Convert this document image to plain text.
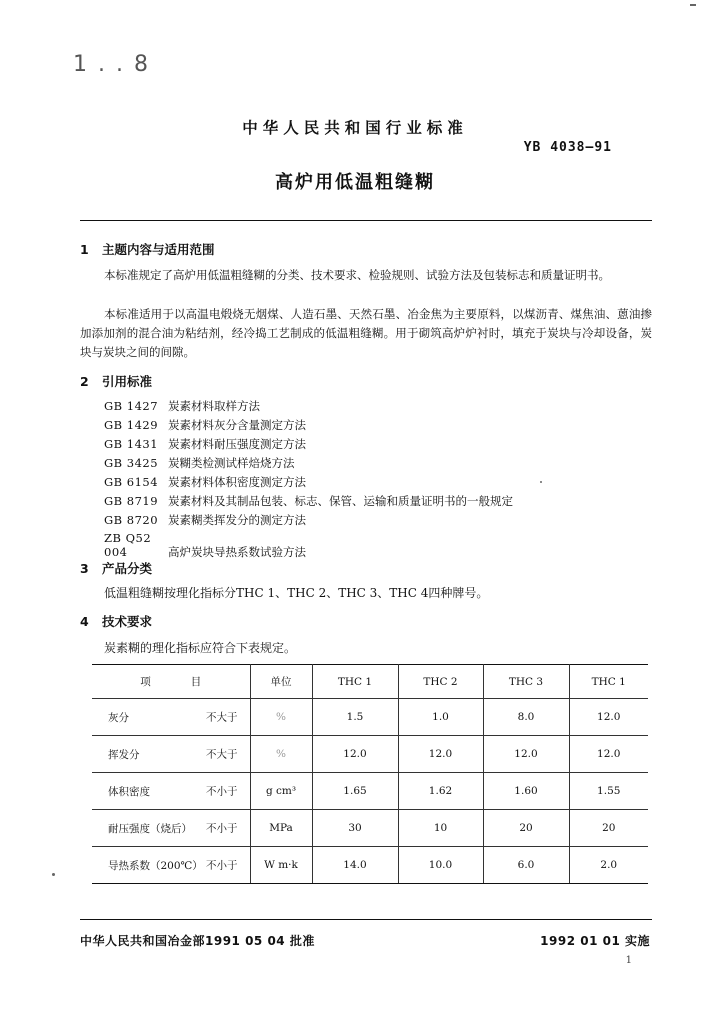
1 . . 8
中华人民共和国行业标准
YB 4038—91
高炉用低温粗缝糊
1 主题内容与适用范围
本标准规定了高炉用低温粗缝糊的分类、技术要求、检验规则、试验方法及包装标志和质量证明书。
本标准适用于以高温电煅烧无烟煤、人造石墨、天然石墨、冶金焦为主要原料，以煤沥青、煤焦油、蒽油掺加添加剂的混合油为粘结剂，经冷捣工艺制成的低温粗缝糊。用于砌筑高炉炉衬时，填充于炭块与冷却设备，炭块与炭块之间的间隙。
2 引用标准
GB 1427 炭素材料取样方法
GB 1429 炭素材料灰分含量测定方法
GB 1431 炭素材料耐压强度测定方法
GB 3425 炭糊类检测试样焙烧方法
GB 6154 炭素材料体积密度测定方法
GB 8719 炭素材料及其制品包装、标志、保管、运输和质量证明书的一般规定
GB 8720 炭素糊类挥发分的测定方法
ZB Q52 004	高炉炭块导热系数试验方法
3 产品分类
低温粗缝糊按理化指标分THC 1、THC 2、THC 3、THC 4四种牌号。
4 技术要求
炭素糊的理化指标应符合下表规定。
项 目	单位	THC 1	THC 2	THC 3	THC 1
灰分 不大于	%	1.5	1.0	8.0	12.0
挥发分 不大于	%	12.0	12.0	12.0	12.0
体积密度 不小于	g cm³	1.65	1.62	1.60	1.55
耐压强度（烧后） 不小于	MPa	30	10	20	20
导热系数（200℃） 不小于	W m·k	14.0	10.0	6.0	2.0
中华人民共和国冶金部1991 05 04 批准	1992 01 01 实施
1
